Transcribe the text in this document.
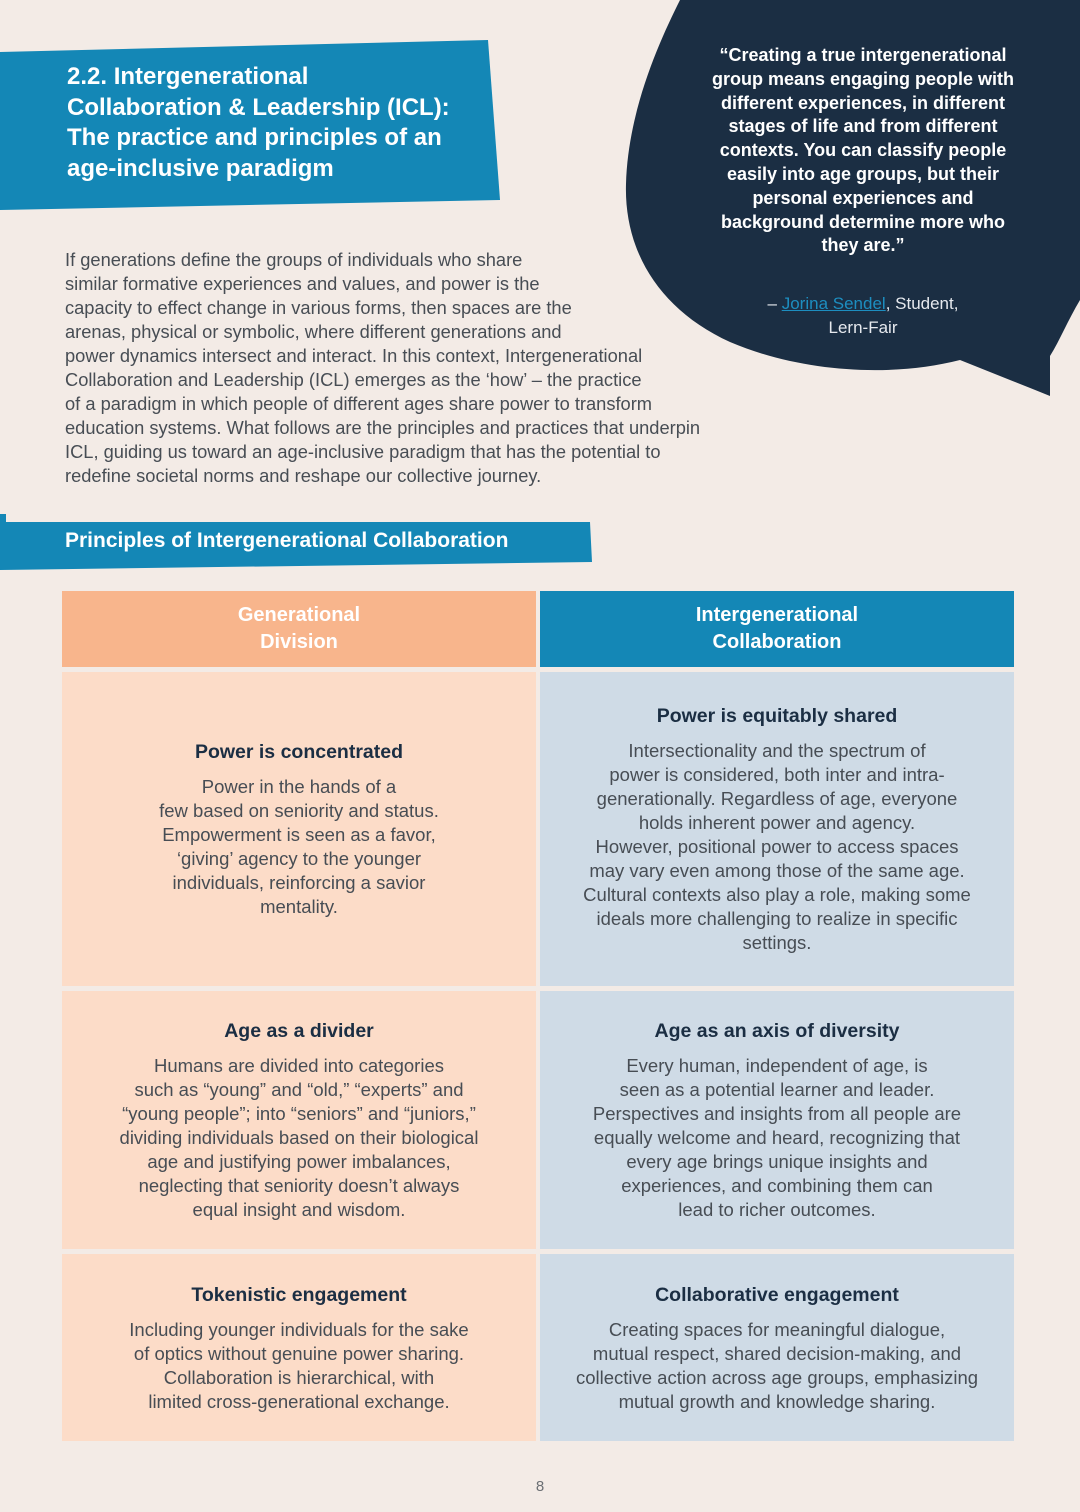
2.2. Intergenerational
Collaboration & Leadership (ICL):
The practice and principles of an
age-inclusive paradigm
“Creating a true intergenerational group means engaging people with different experiences, in different stages of life and from different contexts. You can classify people easily into age groups, but their personal experiences and background determine more who they are.”
– Jorina Sendel, Student,
Lern-Fair
If generations define the groups of individuals who share
similar formative experiences and values, and power is the
capacity to effect change in various forms, then spaces are the
arenas, physical or symbolic, where different generations and
power dynamics intersect and interact. In this context, Intergenerational
Collaboration and Leadership (ICL) emerges as the ‘how’ – the practice
of a paradigm in which people of different ages share power to transform
education systems. What follows are the principles and practices that underpin
ICL, guiding us toward an age-inclusive paradigm that has the potential to
redefine societal norms and reshape our collective journey.
Principles of Intergenerational Collaboration
Generational
Division
Intergenerational
Collaboration
Power is concentrated

Power in the hands of a
few based on seniority and status.
Empowerment is seen as a favor,
‘giving’ agency to the younger
individuals, reinforcing a savior
mentality.

Power is equitably shared

Intersectionality and the spectrum of
power is considered, both inter and intra-
generationally. Regardless of age, everyone
holds inherent power and agency.
However, positional power to access spaces
may vary even among those of the same age.
Cultural contexts also play a role, making some
ideals more challenging to realize in specific
settings.

Age as a divider

Humans are divided into categories
such as “young” and “old,” “experts” and
“young people”; into “seniors” and “juniors,”
dividing individuals based on their biological
age and justifying power imbalances,
neglecting that seniority doesn’t always
equal insight and wisdom.

Age as an axis of diversity

Every human, independent of age, is
seen as a potential learner and leader.
Perspectives and insights from all people are
equally welcome and heard, recognizing that
every age brings unique insights and
experiences, and combining them can
lead to richer outcomes.

Tokenistic engagement

Including younger individuals for the sake
of optics without genuine power sharing.
Collaboration is hierarchical, with
limited cross-generational exchange.

Collaborative engagement

Creating spaces for meaningful dialogue,
mutual respect, shared decision-making, and
collective action across age groups, emphasizing
mutual growth and knowledge sharing.

8
